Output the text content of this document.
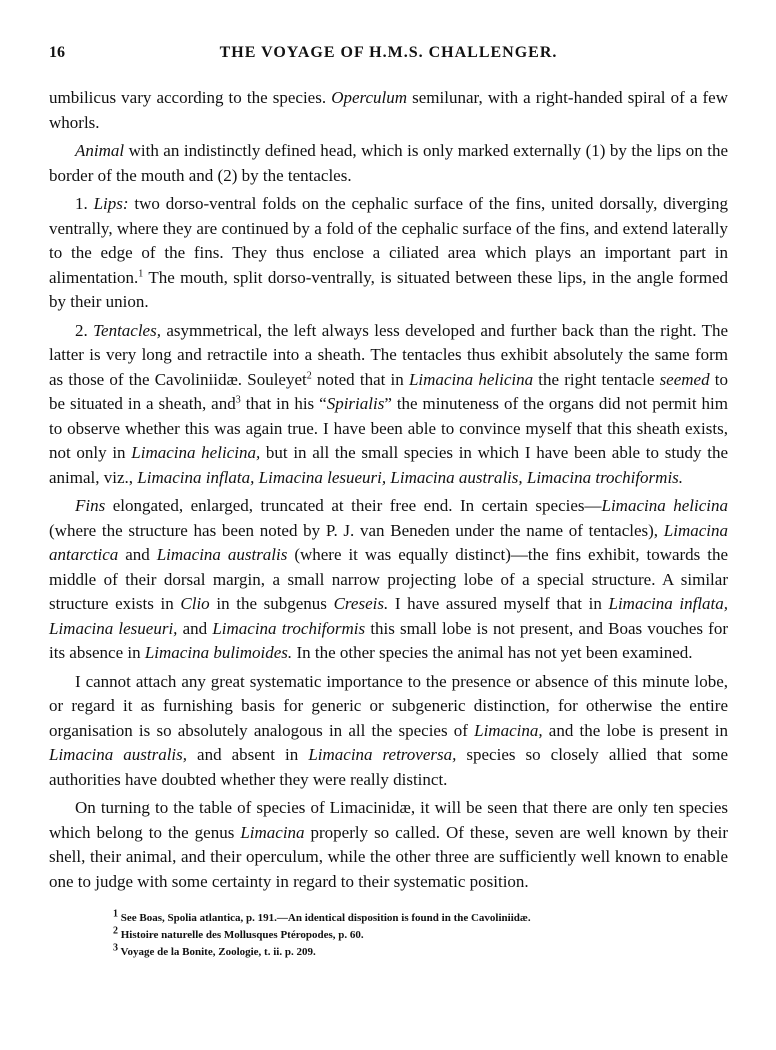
16	THE VOYAGE OF H.M.S. CHALLENGER.

umbilicus vary according to the species. Operculum semilunar, with a right-handed spiral of a few whorls.

Animal with an indistinctly defined head, which is only marked externally (1) by the lips on the border of the mouth and (2) by the tentacles.

1. Lips: two dorso-ventral folds on the cephalic surface of the fins, united dorsally, diverging ventrally, where they are continued by a fold of the cephalic surface of the fins, and extend laterally to the edge of the fins. They thus enclose a ciliated area which plays an important part in alimentation.$^1$ The mouth, split dorso-ventrally, is situated between these lips, in the angle formed by their union.

2. Tentacles, asymmetrical, the left always less developed and further back than the right. The latter is very long and retractile into a sheath. The tentacles thus exhibit absolutely the same form as those of the Cavoliniidæ. Souleyet$^2$ noted that in Limacina helicina the right tentacle seemed to be situated in a sheath, and$^3$ that in his “Spirialis” the minuteness of the organs did not permit him to observe whether this was again true. I have been able to convince myself that this sheath exists, not only in Limacina helicina, but in all the small species in which I have been able to study the animal, viz., Limacina inflata, Limacina lesueuri, Limacina australis, Limacina trochiformis.

Fins elongated, enlarged, truncated at their free end. In certain species—Limacina helicina (where the structure has been noted by P. J. van Beneden under the name of tentacles), Limacina antarctica and Limacina australis (where it was equally distinct)—the fins exhibit, towards the middle of their dorsal margin, a small narrow projecting lobe of a special structure. A similar structure exists in Clio in the subgenus Creseis. I have assured myself that in Limacina inflata, Limacina lesueuri, and Limacina trochiformis this small lobe is not present, and Boas vouches for its absence in Limacina bulimoides. In the other species the animal has not yet been examined.

I cannot attach any great systematic importance to the presence or absence of this minute lobe, or regard it as furnishing basis for generic or subgeneric distinction, for otherwise the entire organisation is so absolutely analogous in all the species of Limacina, and the lobe is present in Limacina australis, and absent in Limacina retroversa, species so closely allied that some authorities have doubted whether they were really distinct.

On turning to the table of species of Limacinidæ, it will be seen that there are only ten species which belong to the genus Limacina properly so called. Of these, seven are well known by their shell, their animal, and their operculum, while the other three are sufficiently well known to enable one to judge with some certainty in regard to their systematic position.

$^1$ See Boas, Spolia atlantica, p. 191.—An identical disposition is found in the Cavoliniidæ.

$^2$ Histoire naturelle des Mollusques Ptéropodes, p. 60.

$^3$ Voyage de la Bonite, Zoologie, t. ii. p. 209.
